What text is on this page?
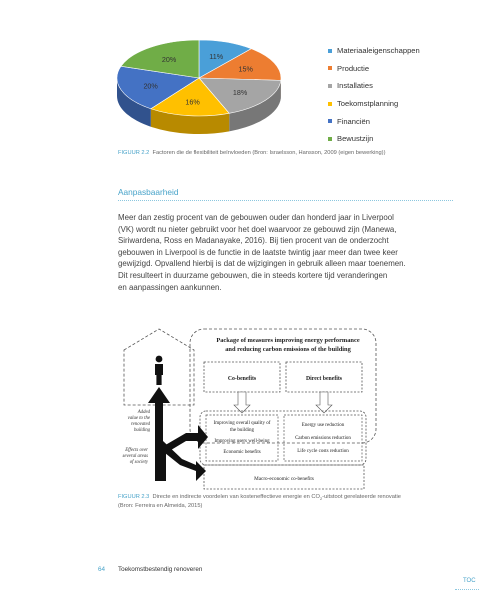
11%
15%
18%
16%
20%
20%
Materiaaleigenschappen
Productie
Installaties
Toekomstplanning
Financiën
Bewustzijn
FIGUUR 2.2 Factoren die de flexibiliteit beïnvloeden (Bron: Israelsson, Hansson, 2009 (eigen bewerking))
Aanpasbaarheid

Meer dan zestig procent van de gebouwen ouder dan honderd jaar in Liverpool

(VK) wordt nu nieter gebruikt voor het doel waarvoor ze gebouwd zijn (Manewa,

Siriwardena, Ross en Madanayake, 2016). Bij tien procent van de onderzocht

gebouwen in Liverpool is de functie in de laatste twintig jaar meer dan twee keer

gewijzigd. Opvallend hierbij is dat de wijzigingen in gebruik alleen maar toenemen.

Dit resulteert in duurzame gebouwen, die in steeds kortere tijd veranderingen

en aanpassingen aankunnen.

Package of measures improving energy performance
and reducing carbon emissions of the building
Co-benefits	Direct benefits
Improving overall quality of
the building
Improving users well-being
Economic benefits
Energy use reduction
Carbon emissions reduction
Life cycle costs reduction
Macro-economic co-benefits
Added
value to the
renovated
building
Effects over
several areas
of society
FIGUUR 2.3 Directe en indirecte voordelen van kosteneffectieve energie en $CO_2$-uitstoot gerelateerde renovatie
(Bron: Ferreira en Almeida, 2015)
64 Toekomstbestendig renoveren
TOC
